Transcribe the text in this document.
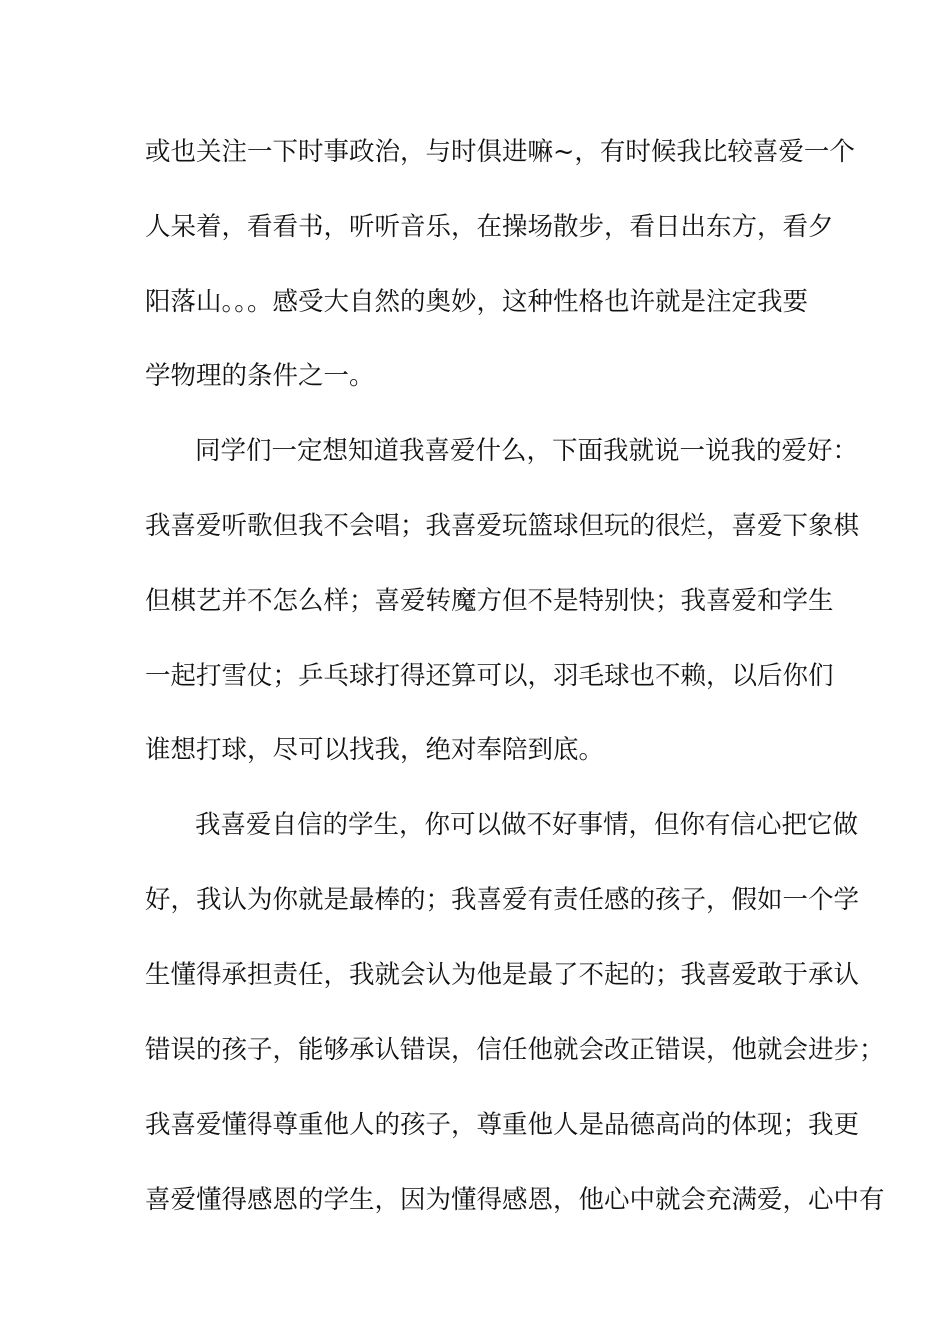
或也关注一下时事政治，与时俱进嘛~，有时候我比较喜爱一个
人呆着，看看书，听听音乐，在操场散步，看日出东方，看夕
阳落山。。。感受大自然的奥妙，这种性格也许就是注定我要
学物理的条件之一。
同学们一定想知道我喜爱什么，下面我就说一说我的爱好：
我喜爱听歌但我不会唱；我喜爱玩篮球但玩的很烂，喜爱下象棋
但棋艺并不怎么样；喜爱转魔方但不是特别快；我喜爱和学生
一起打雪仗；乒乓球打得还算可以，羽毛球也不赖，以后你们
谁想打球，尽可以找我，绝对奉陪到底。
我喜爱自信的学生，你可以做不好事情，但你有信心把它做
好，我认为你就是最棒的；我喜爱有责任感的孩子，假如一个学
生懂得承担责任，我就会认为他是最了不起的；我喜爱敢于承认
错误的孩子，能够承认错误，信任他就会改正错误，他就会进步；
我喜爱懂得尊重他人的孩子，尊重他人是品德高尚的体现；我更
喜爱懂得感恩的学生，因为懂得感恩，他心中就会充满爱，心中有
